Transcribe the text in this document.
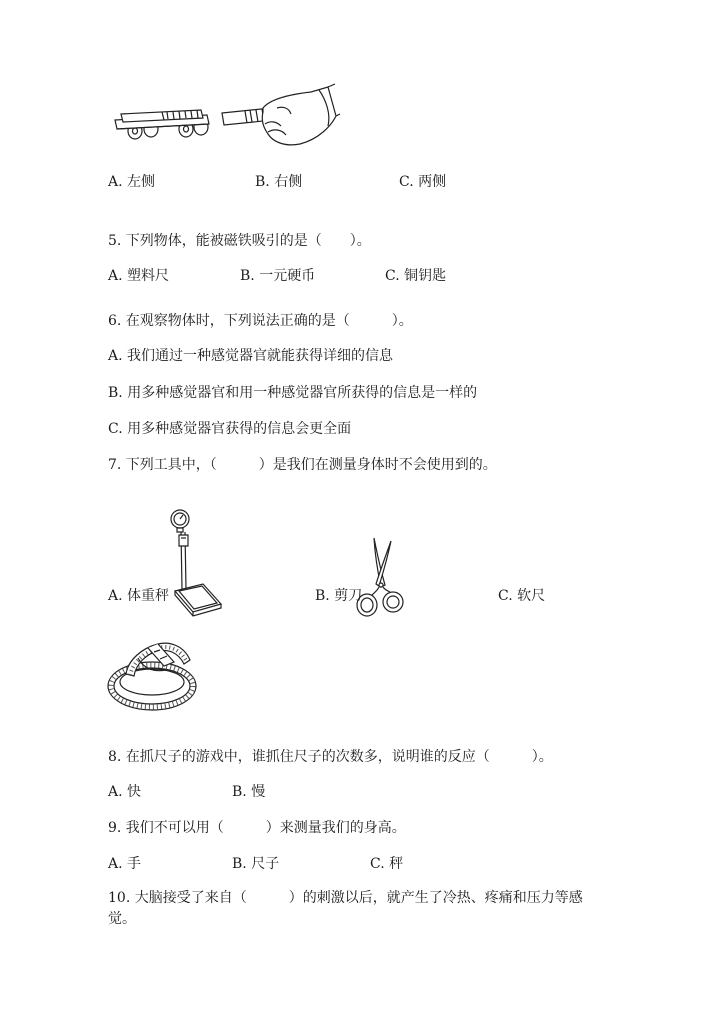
A. 左侧	B. 右侧	C. 两侧
5. 下列物体，能被磁铁吸引的是（　　）。
A. 塑料尺	B. 一元硬币	C. 铜钥匙
6. 在观察物体时，下列说法正确的是（　　　）。
A. 我们通过一种感觉器官就能获得详细的信息
B. 用多种感觉器官和用一种感觉器官所获得的信息是一样的
C. 用多种感觉器官获得的信息会更全面
7. 下列工具中，（　　　）是我们在测量身体时不会使用到的。
A. 体重秤	B. 剪刀	C. 软尺
8. 在抓尺子的游戏中，谁抓住尺子的次数多，说明谁的反应（　　　）。
A. 快	B. 慢
9. 我们不可以用（　　　）来测量我们的身高。
A. 手	B. 尺子	C. 秤
10. 大脑接受了来自（　　　）的刺激以后，就产生了冷热、疼痛和压力等感觉。
